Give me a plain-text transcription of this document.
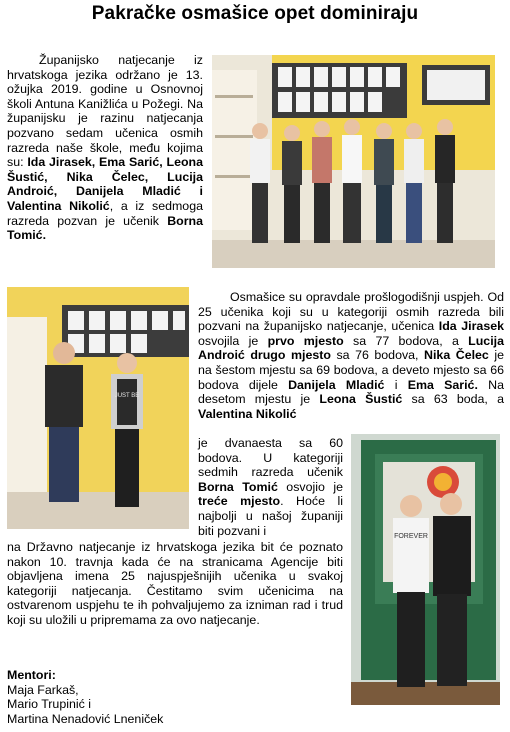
Pakračke osmašice opet dominiraju

Županijsko natjecanje iz hrvatskoga jezika održano je 13. ožujka 2019. godine u Osnovnoj školi Antuna Kanižlića u Požegi. Na županijsku je razinu natjecanja pozvano sedam učenica osmih razreda naše škole, među kojima su: Ida Jirasek, Ema Sarić, Leona Šustić, Nika Čelec, Lucija Androić, Danijela Mladić i Valentina Nikolić, a iz sedmoga razreda pozvan je učenik Borna Tomić.

JUST BE
FOREVER

Osmašice su opravdale prošlogodišnji uspjeh. Od 25 učenika koji su u kategoriji osmih razreda bili pozvani na županijsko natjecanje, učenica Ida Jirasek osvojila je prvo mjesto sa 77 bodova, a Lucija Androić drugo mjesto sa 76 bodova, Nika Čelec je na šestom mjestu sa 69 bodova, a deveto mjesto sa 66 bodova dijele Danijela Mladić i Ema Sarić. Na desetom mjestu je Leona Šustić sa 63 boda, a Valentina Nikolić

je dvanaesta sa 60 bodova. U kategoriji sedmih razreda učenik Borna Tomić osvojio je treće mjesto. Hoće li najbolji u našoj županiji biti pozvani i

na Državno natjecanje iz hrvatskoga jezika bit će poznato nakon 10. travnja kada će na stranicama Agencije biti objavljena imena 25 najuspješnijih učenika u svakoj kategoriji natjecanja. Čestitamo svim učenicima na ostvarenom uspjehu te ih pohvaljujemo za izniman rad i trud koji su uložili u pripremama za ovo natjecanje.

Mentori:
Maja Farkaš,
Mario Trupinić i
Martina Nenadović Lneniček
